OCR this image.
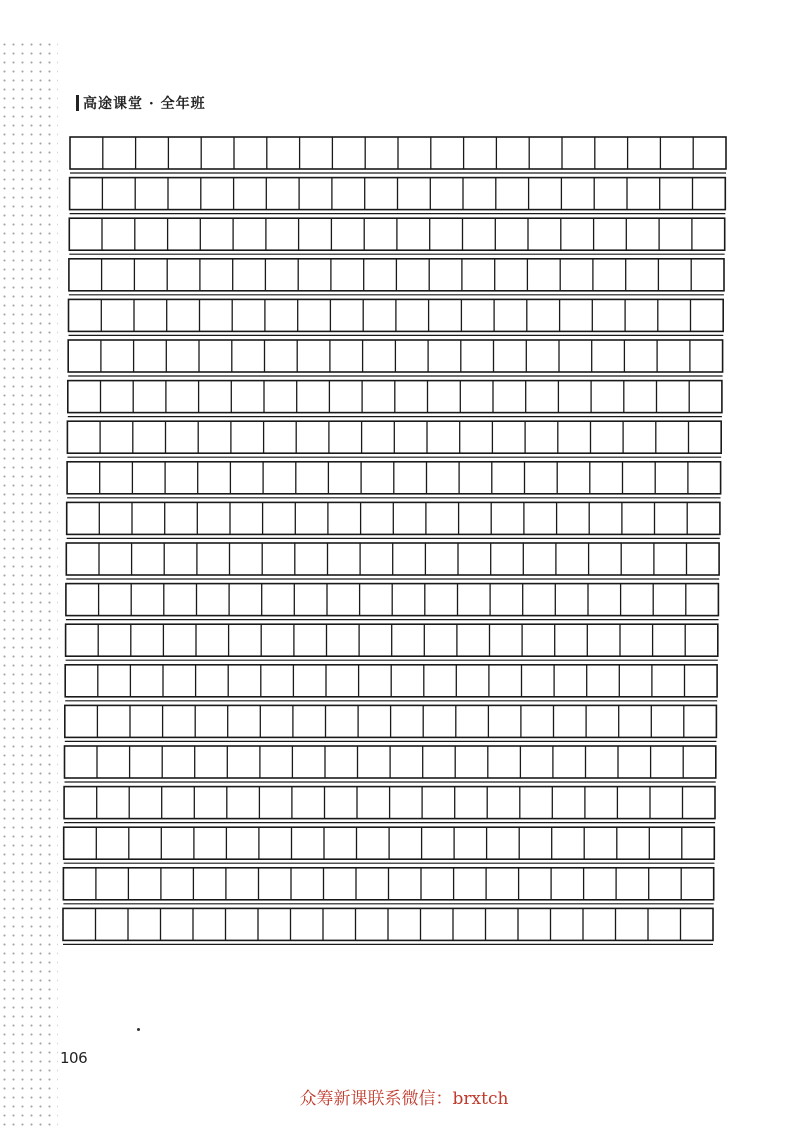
高途课堂 · 全年班
106
众筹新课联系微信：brxtch
